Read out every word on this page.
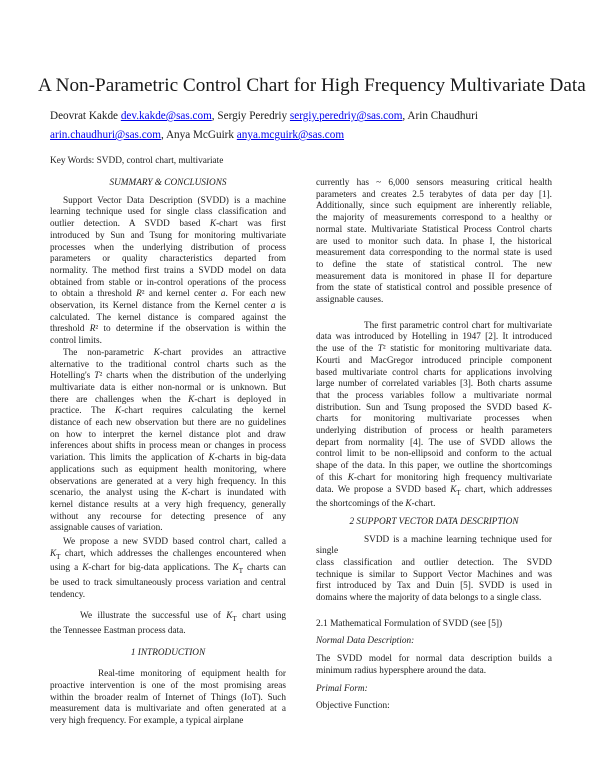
A Non-Parametric Control Chart for High Frequency Multivariate Data
Deovrat Kakde dev.kakde@sas.com, Sergiy Peredriy sergiy.peredriy@sas.com, Arin Chaudhuri
arin.chaudhuri@sas.com, Anya McGuirk anya.mcguirk@sas.com
Key Words: SVDD, control chart, multivariate

SUMMARY & CONCLUSIONS

Support Vector Data Description (SVDD) is a machine
learning technique used for single class classification and
outlier detection. A SVDD based K-chart was first
introduced by Sun and Tsung for monitoring multivariate
processes when the underlying distribution of process
parameters or quality characteristics departed from
normality. The method first trains a SVDD model on data
obtained from stable or in-control operations of the process
to obtain a threshold R² and kernel center a. For each new
observation, its Kernel distance from the Kernel center a is
calculated. The kernel distance is compared against the
threshold R² to determine if the observation is within the
control limits.
The non-parametric K-chart provides an attractive
alternative to the traditional control charts such as the
Hotelling's T² charts when the distribution of the underlying
multivariate data is either non-normal or is unknown. But
there are challenges when the K-chart is deployed in
practice. The K-chart requires calculating the kernel
distance of each new observation but there are no guidelines
on how to interpret the kernel distance plot and draw
inferences about shifts in process mean or changes in process
variation. This limits the application of K-charts in big-data
applications such as equipment health monitoring, where
observations are generated at a very high frequency. In this
scenario, the analyst using the K-chart is inundated with
kernel distance results at a very high frequency, generally
without any recourse for detecting presence of any
assignable causes of variation.
We propose a new SVDD based control chart, called a
$K_T$ chart, which addresses the challenges encountered when
using a K-chart for big-data applications. The $K_T$ charts can
be used to track simultaneously process variation and central
tendency.
We illustrate the successful use of $K_T$ chart using
the Tennessee Eastman process data.

1 INTRODUCTION

Real-time monitoring of equipment health for
proactive intervention is one of the most promising areas
within the broader realm of Internet of Things (IoT). Such
measurement data is multivariate and often generated at a
very high frequency. For example, a typical airplane
currently has ~ 6,000 sensors measuring critical health
parameters and creates 2.5 terabytes of data per day [1].
Additionally, since such equipment are inherently reliable,
the majority of measurements correspond to a healthy or
normal state. Multivariate Statistical Process Control charts
are used to monitor such data. In phase I, the historical
measurement data corresponding to the normal state is used
to define the state of statistical control. The new
measurement data is monitored in phase II for departure
from the state of statistical control and possible presence of
assignable causes.
The first parametric control chart for multivariate
data was introduced by Hotelling in 1947 [2]. It introduced
the use of the T² statistic for monitoring multivariate data.
Kourti and MacGregor introduced principle component
based multivariate control charts for applications involving
large number of correlated variables [3]. Both charts assume
that the process variables follow a multivariate normal
distribution. Sun and Tsung proposed the SVDD based K-
charts for monitoring multivariate processes when
underlying distribution of process or health parameters
depart from normality [4]. The use of SVDD allows the
control limit to be non-ellipsoid and conform to the actual
shape of the data. In this paper, we outline the shortcomings
of this K-chart for monitoring high frequency multivariate
data. We propose a SVDD based $K_T$ chart, which addresses
the shortcomings of the K-chart.

2 SUPPORT VECTOR DATA DESCRIPTION

SVDD is a machine learning technique used for single
class classification and outlier detection. The SVDD
technique is similar to Support Vector Machines and was
first introduced by Tax and Duin [5]. SVDD is used in
domains where the majority of data belongs to a single class.

2.1 Mathematical Formulation of SVDD (see [5])

Normal Data Description:

The SVDD model for normal data description builds a
minimum radius hypersphere around the data.

Primal Form:

Objective Function:
